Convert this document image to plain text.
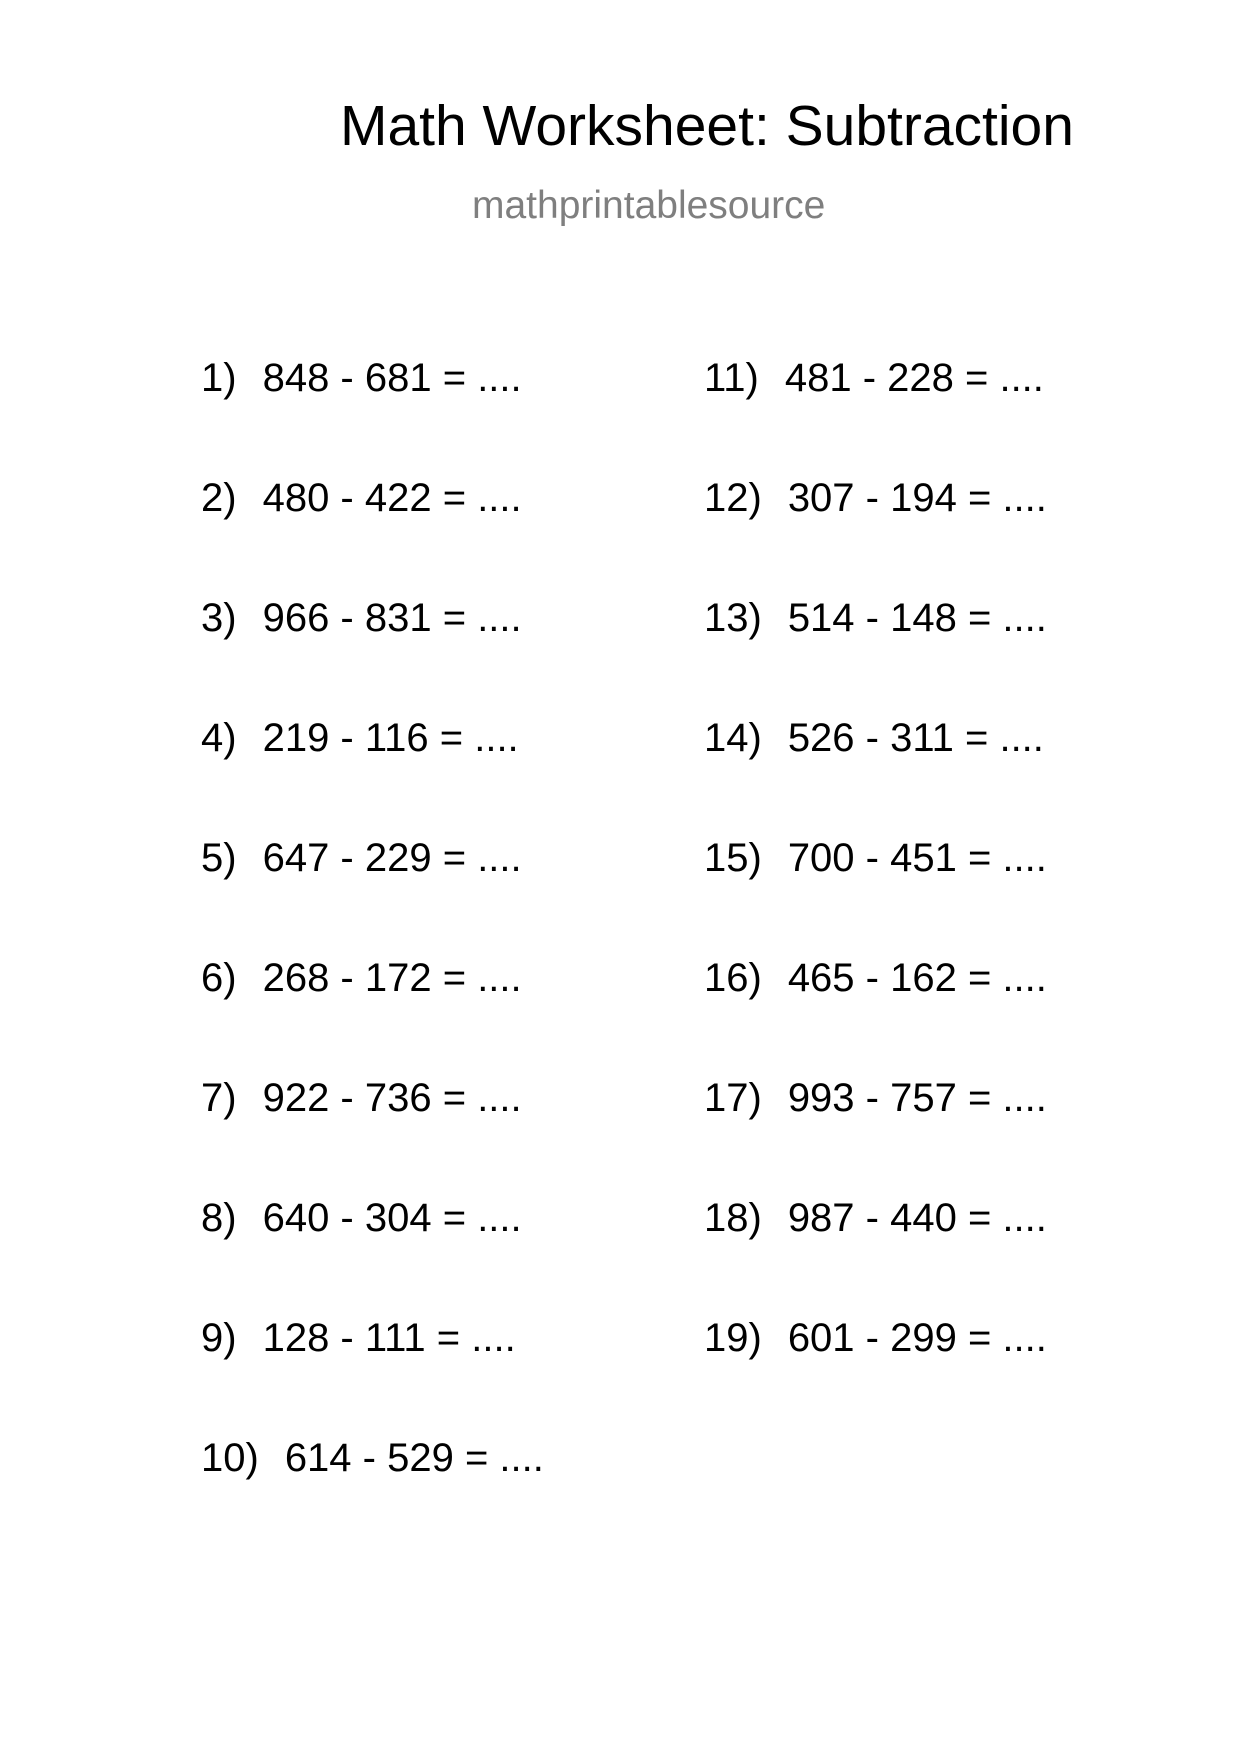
Math Worksheet: Subtraction
mathprintablesource
1) 848 - 681 = ....
2) 480 - 422 = ....
3) 966 - 831 = ....
4) 219 - 116 = ....
5) 647 - 229 = ....
6) 268 - 172 = ....
7) 922 - 736 = ....
8) 640 - 304 = ....
9) 128 - 111 = ....
10) 614 - 529 = ....
11) 481 - 228 = ....
12) 307 - 194 = ....
13) 514 - 148 = ....
14) 526 - 311 = ....
15) 700 - 451 = ....
16) 465 - 162 = ....
17) 993 - 757 = ....
18) 987 - 440 = ....
19) 601 - 299 = ....
